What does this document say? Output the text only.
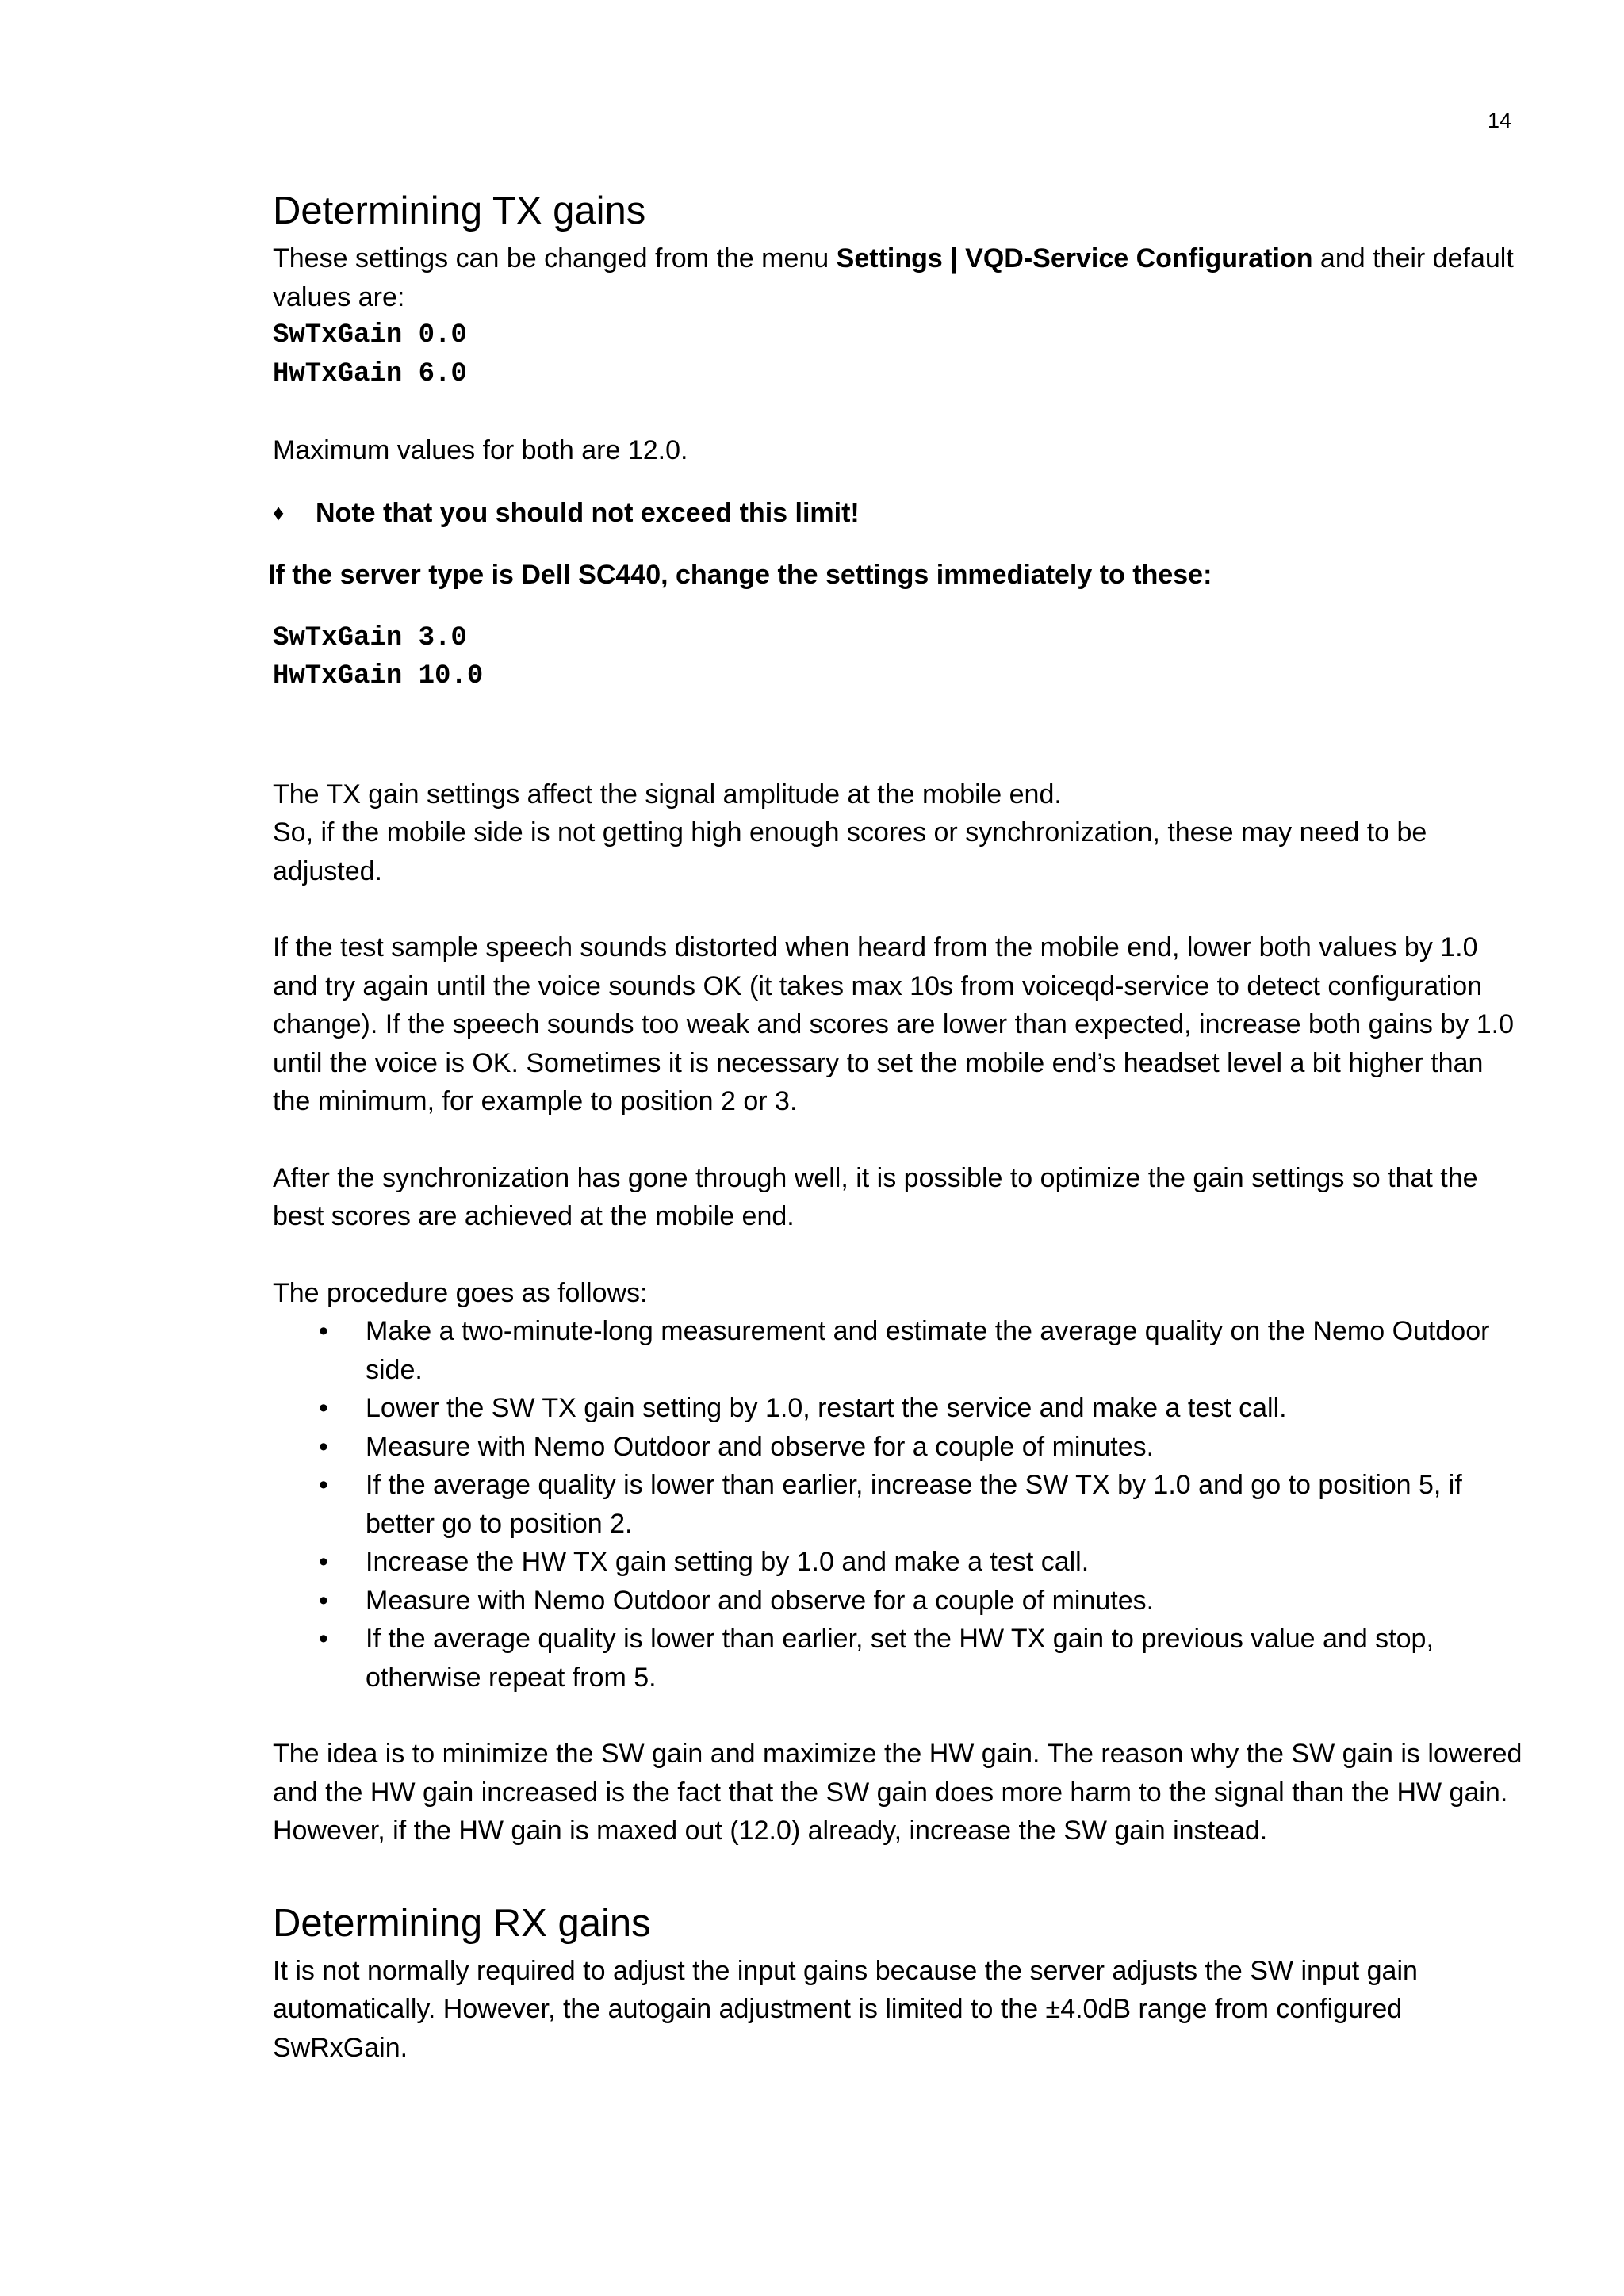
14
Determining TX gains

These settings can be changed from the menu Settings | VQD-Service Configuration and their default values are:

SwTxGain 0.0
HwTxGain 6.0

Maximum values for both are 12.0.

♦ Note that you should not exceed this limit!

If the server type is Dell SC440, change the settings immediately to these:

SwTxGain 3.0
HwTxGain 10.0

The TX gain settings affect the signal amplitude at the mobile end.

So, if the mobile side is not getting high enough scores or synchronization, these may need to be adjusted.

If the test sample speech sounds distorted when heard from the mobile end, lower both values by 1.0 and try again until the voice sounds OK (it takes max 10s from voiceqd-service to detect configuration change). If the speech sounds too weak and scores are lower than expected, increase both gains by 1.0 until the voice is OK. Sometimes it is necessary to set the mobile end’s headset level a bit higher than the minimum, for example to position 2 or 3.

After the synchronization has gone through well, it is possible to optimize the gain settings so that the best scores are achieved at the mobile end.

The procedure goes as follows:

• Make a two-minute-long measurement and estimate the average quality on the Nemo Outdoor side.
• Lower the SW TX gain setting by 1.0, restart the service and make a test call.
• Measure with Nemo Outdoor and observe for a couple of minutes.
• If the average quality is lower than earlier, increase the SW TX by 1.0 and go to position 5, if better go to position 2.
• Increase the HW TX gain setting by 1.0 and make a test call.
• Measure with Nemo Outdoor and observe for a couple of minutes.
• If the average quality is lower than earlier, set the HW TX gain to previous value and stop, otherwise repeat from 5.

The idea is to minimize the SW gain and maximize the HW gain. The reason why the SW gain is lowered and the HW gain increased is the fact that the SW gain does more harm to the signal than the HW gain. However, if the HW gain is maxed out (12.0) already, increase the SW gain instead.

Determining RX gains

It is not normally required to adjust the input gains because the server adjusts the SW input gain automatically. However, the autogain adjustment is limited to the ±4.0dB range from configured SwRxGain.
